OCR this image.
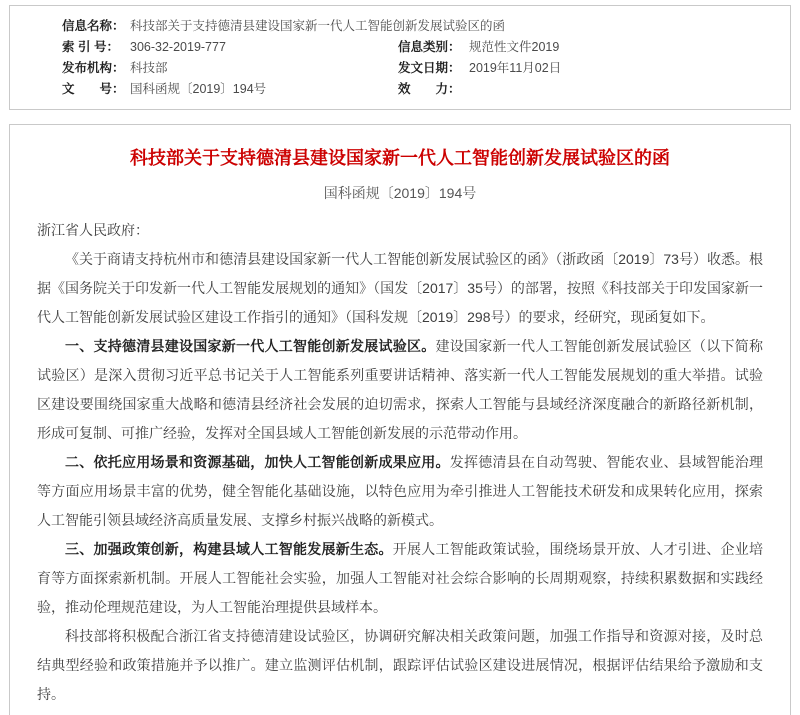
信息名称： 科技部关于支持德清县建设国家新一代人工智能创新发展试验区的函
索 引 号： 306-32-2019-777	信息类别： 规范性文件2019
发布机构： 科技部	发文日期： 2019年11月02日
文　　号： 国科函规〔2019〕194号	效　　力：
科技部关于支持德清县建设国家新一代人工智能创新发展试验区的函
国科函规〔2019〕194号

浙江省人民政府：

《关于商请支持杭州市和德清县建设国家新一代人工智能创新发展试验区的函》（浙政函〔2019〕73号）收悉。根据《国务院关于印发新一代人工智能发展规划的通知》（国发〔2017〕35号）的部署，按照《科技部关于印发国家新一代人工智能创新发展试验区建设工作指引的通知》（国科发规〔2019〕298号）的要求，经研究，现函复如下。

一、支持德清县建设国家新一代人工智能创新发展试验区。建设国家新一代人工智能创新发展试验区（以下简称试验区）是深入贯彻习近平总书记关于人工智能系列重要讲话精神、落实新一代人工智能发展规划的重大举措。试验区建设要围绕国家重大战略和德清县经济社会发展的迫切需求，探索人工智能与县域经济深度融合的新路径新机制，形成可复制、可推广经验，发挥对全国县域人工智能创新发展的示范带动作用。

二、依托应用场景和资源基础，加快人工智能创新成果应用。发挥德清县在自动驾驶、智能农业、县域智能治理等方面应用场景丰富的优势，健全智能化基础设施，以特色应用为牵引推进人工智能技术研发和成果转化应用，探索人工智能引领县域经济高质量发展、支撑乡村振兴战略的新模式。

三、加强政策创新，构建县域人工智能发展新生态。开展人工智能政策试验，围绕场景开放、人才引进、企业培育等方面探索新机制。开展人工智能社会实验，加强人工智能对社会综合影响的长周期观察，持续积累数据和实践经验，推动伦理规范建设，为人工智能治理提供县域样本。

科技部将积极配合浙江省支持德清建设试验区，协调研究解决相关政策问题，加强工作指导和资源对接，及时总结典型经验和政策措施并予以推广。建立监测评估机制，跟踪评估试验区建设进展情况，根据评估结果给予激励和支持。
